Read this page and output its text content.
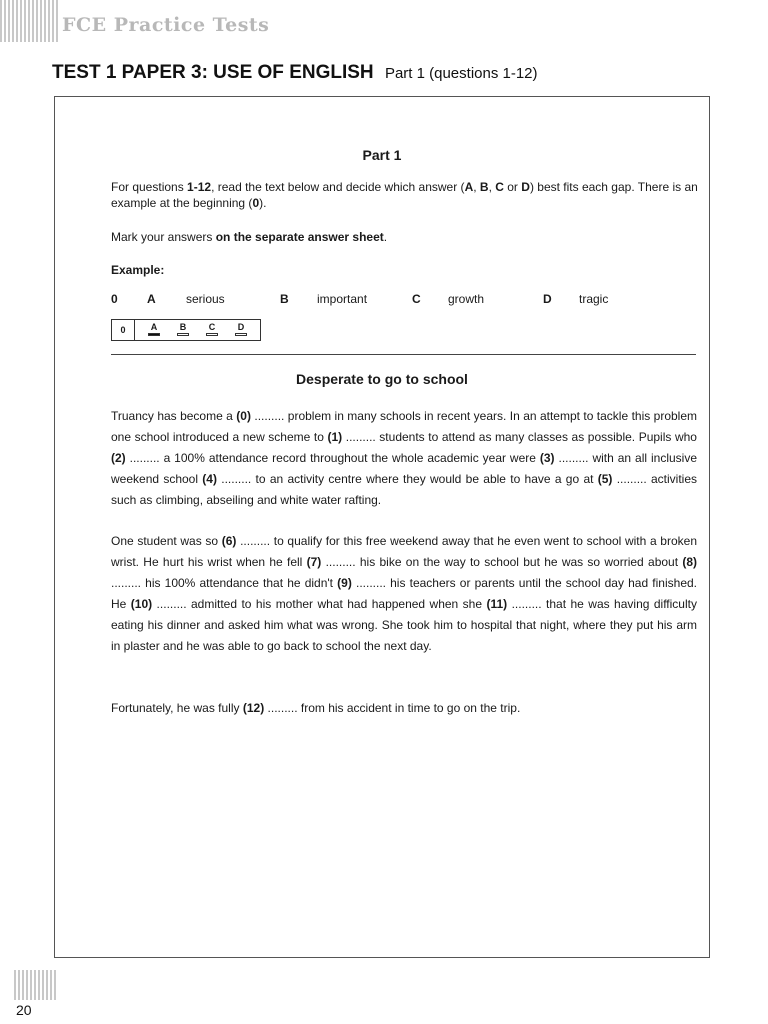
FCE Practice Tests
TEST 1 PAPER 3: USE OF ENGLISH Part 1 (questions 1-12)
Part 1

For questions 1-12, read the text below and decide which answer (A, B, C or D) best fits each gap. There is an example at the beginning (0).

Mark your answers on the separate answer sheet.

Example:

0 A	serious	B important	C growth	D tragic
0	A	B	C	D
Desperate to go to school

Truancy has become a (0) ......... problem in many schools in recent years. In an attempt to tackle this problem one school introduced a new scheme to (1) ......... students to attend as many classes as possible. Pupils who (2) ......... a 100% attendance record throughout the whole academic year were (3) ......... with an all inclusive weekend school (4) ......... to an activity centre where they would be able to have a go at (5) ......... activities such as climbing, abseiling and white water rafting.

One student was so (6) ......... to qualify for this free weekend away that he even went to school with a broken wrist. He hurt his wrist when he fell (7) ......... his bike on the way to school but he was so worried about (8) ......... his 100% attendance that he didn't (9) ......... his teachers or parents until the school day had finished. He (10) ......... admitted to his mother what had happened when she (11) ......... that he was having difficulty eating his dinner and asked him what was wrong. She took him to hospital that night, where they put his arm in plaster and he was able to go back to school the next day.

Fortunately, he was fully (12) ......... from his accident in time to go on the trip.

20
